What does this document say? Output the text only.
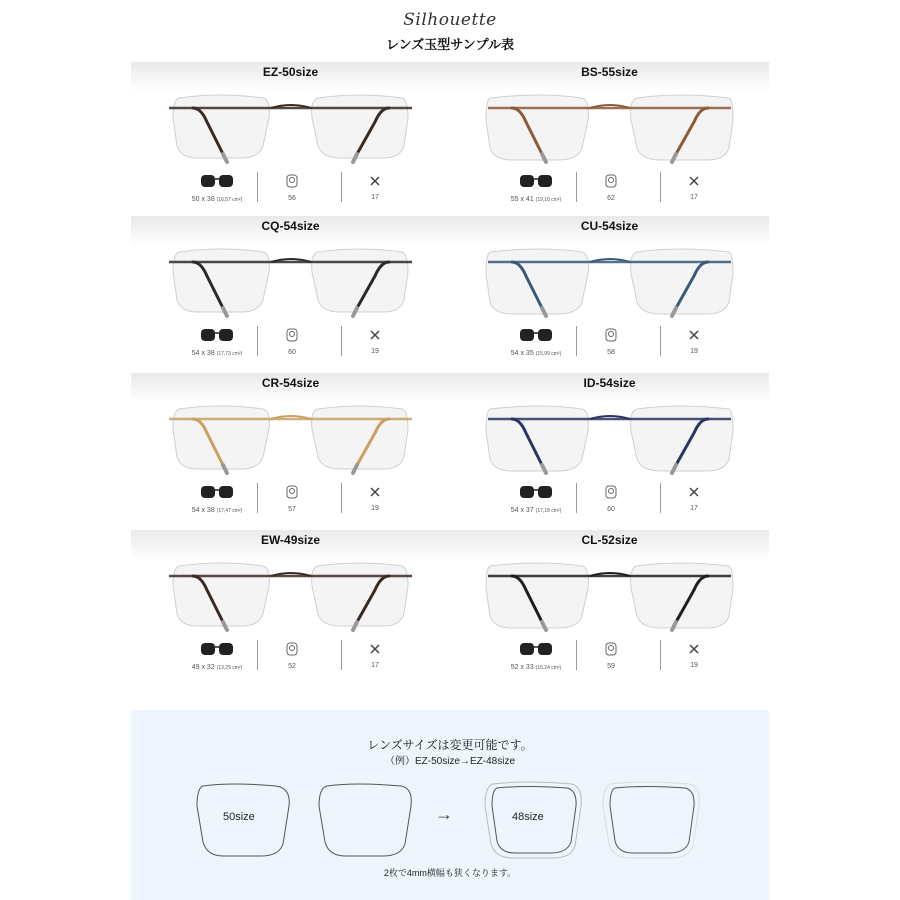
Silhouette
レンズ玉型サンプル表
EZ-50size
50 x 38 (16,57 cm²)	56	17
BS-55size
55 x 41 (19,18 cm²)	62	17
CQ-54size
54 x 38 (17,73 cm²)	60	19
CU-54size
54 x 35 (15,99 cm²)	58	19
CR-54size
54 x 38 (17,47 cm²)	57	19
ID-54size
54 x 37 (17,18 cm²)	60	17
EW-49size
49 x 32 (13,29 cm²)	52	17
CL-52size
52 x 33 (15,24 cm²)	59	19
レンズサイズは変更可能です。
（例）EZ-50size→EZ-48size
50size	→	48size
2枚で4mm横幅も狭くなります。
